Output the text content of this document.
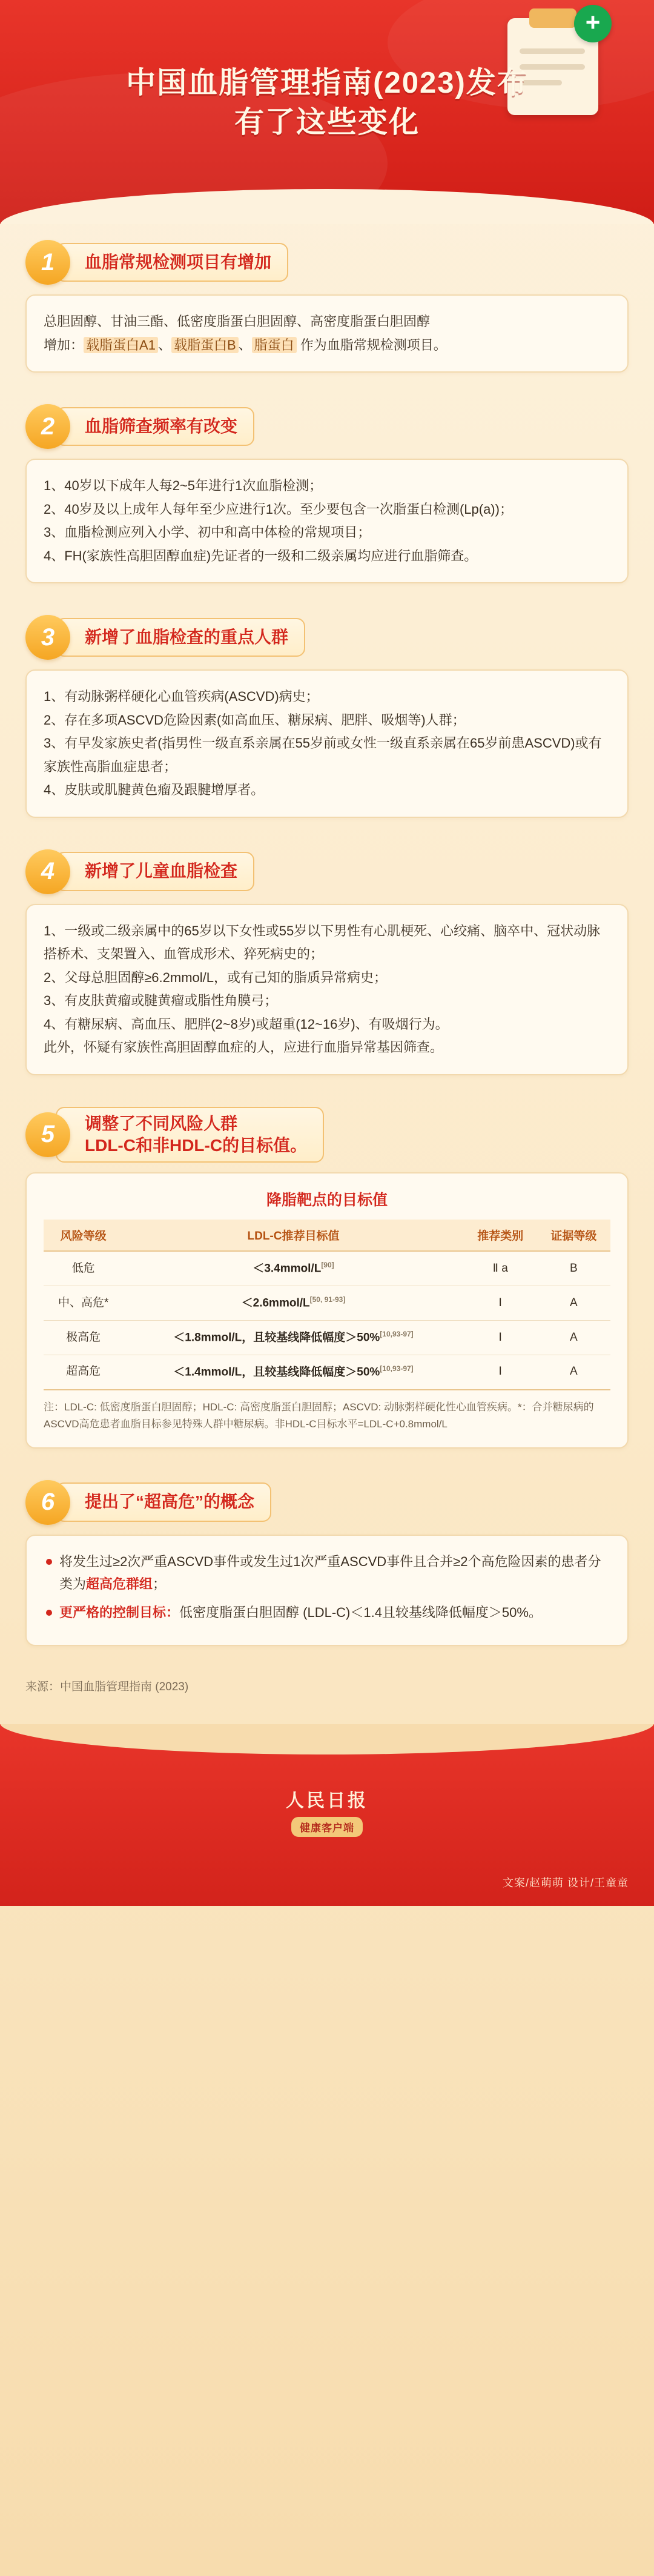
+
中国血脂管理指南(2023)发布
有了这些变化
1	血脂常规检测项目有增加

总胆固醇、甘油三酯、低密度脂蛋白胆固醇、高密度脂蛋白胆固醇

增加： 载脂蛋白A1 、 载脂蛋白B 、 脂蛋白 作为血脂常规检测项目。

2	血脂筛查频率有改变

1、40岁以下成年人每2~5年进行1次血脂检测；

2、40岁及以上成年人每年至少应进行1次。至少要包含一次脂蛋白检测(Lp(a))；

3、血脂检测应列入小学、初中和高中体检的常规项目；

4、FH(家族性高胆固醇血症)先证者的一级和二级亲属均应进行血脂筛查。

3	新增了血脂检查的重点人群

1、有动脉粥样硬化心血管疾病(ASCVD)病史；

2、存在多项ASCVD危险因素(如高血压、糖尿病、肥胖、吸烟等)人群；

3、有早发家族史者(指男性一级直系亲属在55岁前或女性一级直系亲属在65岁前患ASCVD)或有家族性高脂血症患者；

4、皮肤或肌腱黄色瘤及跟腱增厚者。

4	新增了儿童血脂检查

1、一级或二级亲属中的65岁以下女性或55岁以下男性有心肌梗死、心绞痛、脑卒中、冠状动脉搭桥术、支架置入、血管成形术、猝死病史的；

2、父母总胆固醇≥6.2mmol/L，或有己知的脂质异常病史；

3、有皮肤黄瘤或腱黄瘤或脂性角膜弓；

4、有糖尿病、高血压、肥胖(2~8岁)或超重(12~16岁)、有吸烟行为。

此外，怀疑有家族性高胆固醇血症的人，应进行血脂异常基因筛查。

5	调整了不同风险人群
LDL-C和非HDL-C的目标值。
降脂靶点的目标值
风险等级	LDL-C推荐目标值	推荐类别	证据等级
低危	＜3.4mmol/L[90]	Ⅱ a	B
中、高危*	＜2.6mmol/L[50, 91-93]	Ⅰ	A
极高危	＜1.8mmol/L，且较基线降低幅度＞50%[10,93-97]	Ⅰ	A
超高危	＜1.4mmol/L，且较基线降低幅度＞50%[10,93-97]	Ⅰ	A
注：LDL-C: 低密度脂蛋白胆固醇；HDL-C: 高密度脂蛋白胆固醇；ASCVD: 动脉粥样硬化性心血管疾病。*：合并糖尿病的ASCVD高危患者血脂目标参见特殊人群中糖尿病。非HDL-C目标水平=LDL-C+0.8mmol/L
6	提出了“超高危”的概念
将发生过≥2次严重ASCVD事件或发生过1次严重ASCVD事件且合并≥2个高危险因素的患者分类为超高危群组；
更严格的控制目标：低密度脂蛋白胆固醇 (LDL-C)＜1.4且较基线降低幅度＞50%。
来源：中国血脂管理指南 (2023)
人民日报
健康客户端
文案/赵萌萌 设计/王童童
